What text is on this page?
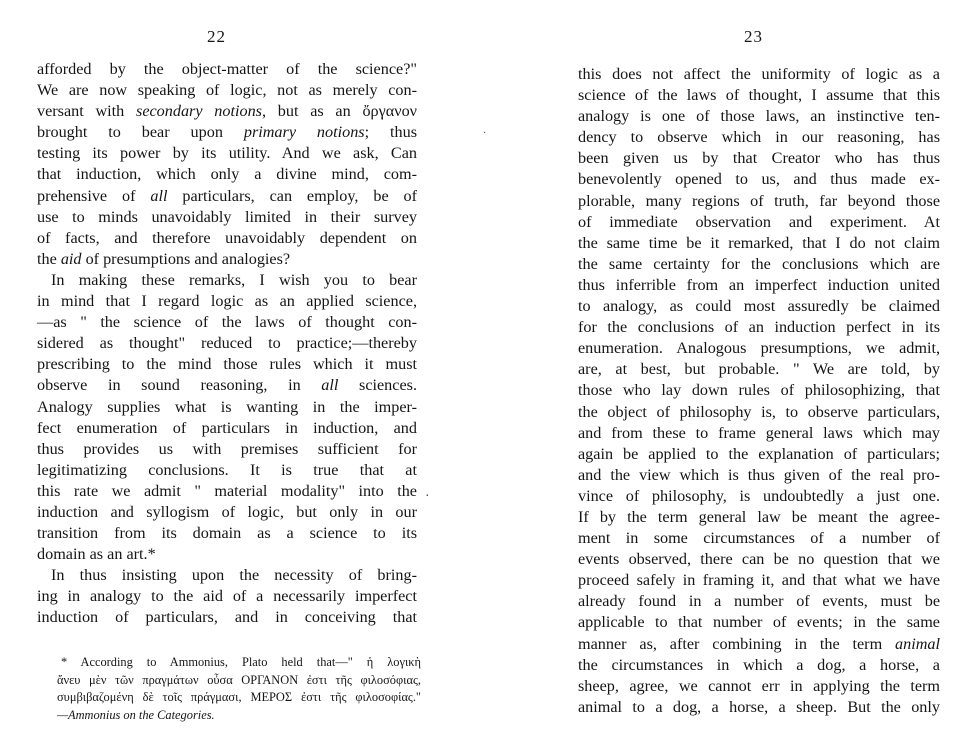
22
afforded by the object-matter of the science?"
We are now speaking of logic, not as merely con-
versant with secondary notions, but as an ὄργανον
brought to bear upon primary notions; thus
testing its power by its utility. And we ask, Can
that induction, which only a divine mind, com-
prehensive of all particulars, can employ, be of
use to minds unavoidably limited in their survey
of facts, and therefore unavoidably dependent on
the aid of presumptions and analogies?
In making these remarks, I wish you to bear
in mind that I regard logic as an applied science,
—as " the science of the laws of thought con-
sidered as thought" reduced to practice;—thereby
prescribing to the mind those rules which it must
observe in sound reasoning, in all sciences.
Analogy supplies what is wanting in the imper-
fect enumeration of particulars in induction, and
thus provides us with premises sufficient for
legitimatizing conclusions. It is true that at
this rate we admit " material modality" into the
induction and syllogism of logic, but only in our
transition from its domain as a science to its
domain as an art.*
In thus insisting upon the necessity of bring-
ing in analogy to the aid of a necessarily imperfect
induction of particulars, and in conceiving that
* According to Ammonius, Plato held that—" ἡ λογικὴ
ἄνευ μὲν τῶν πραγμάτων οὖσα ΟΡΓΑΝΟΝ ἐστι τῆς φιλοσόφιας,
συμβιβαζομένη δὲ τοῖς πράγμασι, ΜΕΡΟΣ ἐστι τῆς φιλοσοφίας."
—Ammonius on the Categories.
·
·
23
this does not affect the uniformity of logic as a
science of the laws of thought, I assume that this
analogy is one of those laws, an instinctive ten-
dency to observe which in our reasoning, has
been given us by that Creator who has thus
benevolently opened to us, and thus made ex-
plorable, many regions of truth, far beyond those
of immediate observation and experiment. At
the same time be it remarked, that I do not claim
the same certainty for the conclusions which are
thus inferrible from an imperfect induction united
to analogy, as could most assuredly be claimed
for the conclusions of an induction perfect in its
enumeration. Analogous presumptions, we admit,
are, at best, but probable. " We are told, by
those who lay down rules of philosophizing, that
the object of philosophy is, to observe particulars,
and from these to frame general laws which may
again be applied to the explanation of particulars;
and the view which is thus given of the real pro-
vince of philosophy, is undoubtedly a just one.
If by the term general law be meant the agree-
ment in some circumstances of a number of
events observed, there can be no question that we
proceed safely in framing it, and that what we have
already found in a number of events, must be
applicable to that number of events; in the same
manner as, after combining in the term animal
the circumstances in which a dog, a horse, a
sheep, agree, we cannot err in applying the term
animal to a dog, a horse, a sheep. But the only
